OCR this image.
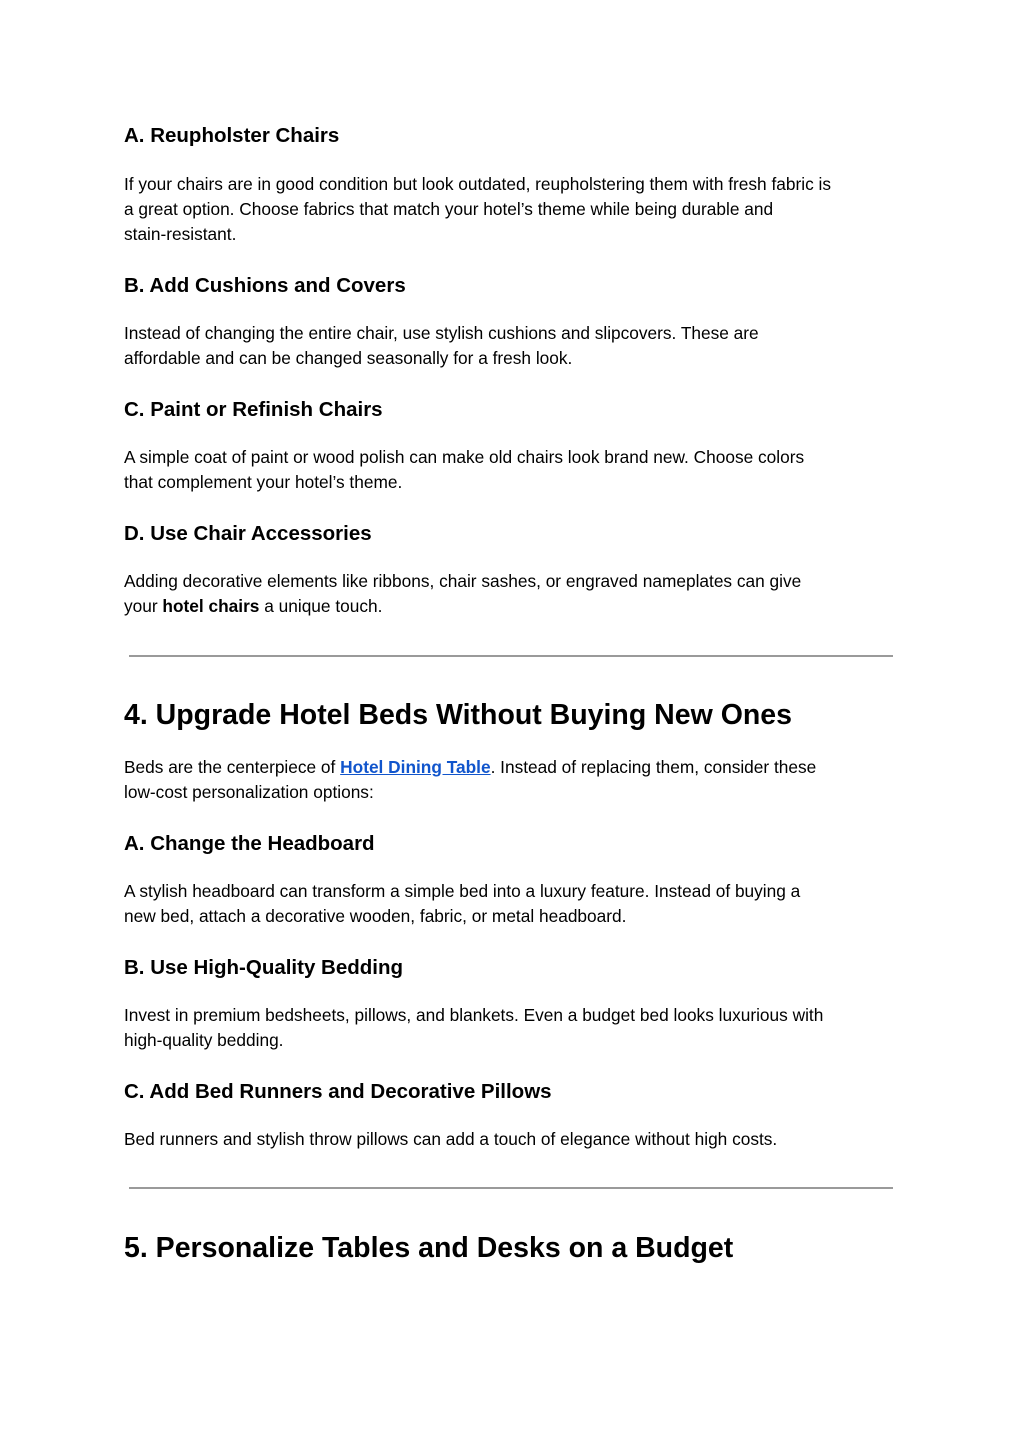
A. Reupholster Chairs
If your chairs are in good condition but look outdated, reupholstering them with fresh fabric is
a great option. Choose fabrics that match your hotel’s theme while being durable and
stain-resistant.
B. Add Cushions and Covers
Instead of changing the entire chair, use stylish cushions and slipcovers. These are
affordable and can be changed seasonally for a fresh look.
C. Paint or Refinish Chairs
A simple coat of paint or wood polish can make old chairs look brand new. Choose colors
that complement your hotel’s theme.
D. Use Chair Accessories
Adding decorative elements like ribbons, chair sashes, or engraved nameplates can give
your hotel chairs a unique touch.
4. Upgrade Hotel Beds Without Buying New Ones
Beds are the centerpiece of Hotel Dining Table. Instead of replacing them, consider these
low-cost personalization options:
A. Change the Headboard
A stylish headboard can transform a simple bed into a luxury feature. Instead of buying a
new bed, attach a decorative wooden, fabric, or metal headboard.
B. Use High-Quality Bedding
Invest in premium bedsheets, pillows, and blankets. Even a budget bed looks luxurious with
high-quality bedding.
C. Add Bed Runners and Decorative Pillows
Bed runners and stylish throw pillows can add a touch of elegance without high costs.
5. Personalize Tables and Desks on a Budget
